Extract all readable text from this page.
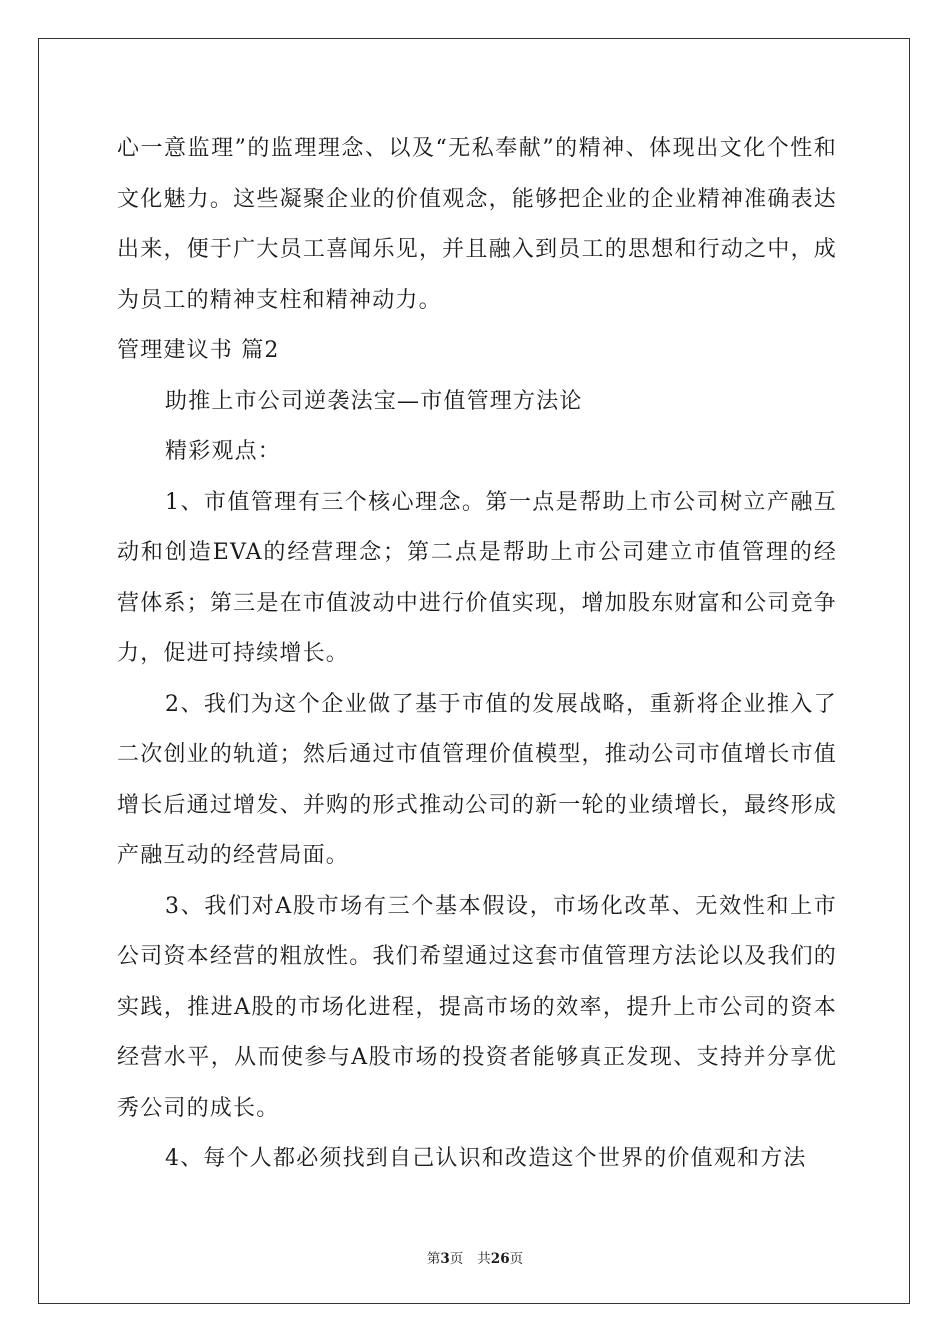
心一意监理”的监理理念、以及“无私奉献”的精神、体现出文化个性和文化魅力。这些凝聚企业的价值观念，能够把企业的企业精神准确表达出来，便于广大员工喜闻乐见，并且融入到员工的思想和行动之中，成为员工的精神支柱和精神动力。

管理建议书 篇2

助推上市公司逆袭法宝—市值管理方法论

精彩观点：

1、市值管理有三个核心理念。第一点是帮助上市公司树立产融互动和创造EVA的经营理念；第二点是帮助上市公司建立市值管理的经营体系；第三是在市值波动中进行价值实现，增加股东财富和公司竞争力，促进可持续增长。

2、我们为这个企业做了基于市值的发展战略，重新将企业推入了二次创业的轨道；然后通过市值管理价值模型，推动公司市值增长市值增长后通过增发、并购的形式推动公司的新一轮的业绩增长，最终形成产融互动的经营局面。

3、我们对A股市场有三个基本假设，市场化改革、无效性和上市公司资本经营的粗放性。我们希望通过这套市值管理方法论以及我们的实践，推进A股的市场化进程，提高市场的效率，提升上市公司的资本经营水平，从而使参与A股市场的投资者能够真正发现、支持并分享优秀公司的成长。

4、每个人都必须找到自己认识和改造这个世界的价值观和方法

第3页 共26页
